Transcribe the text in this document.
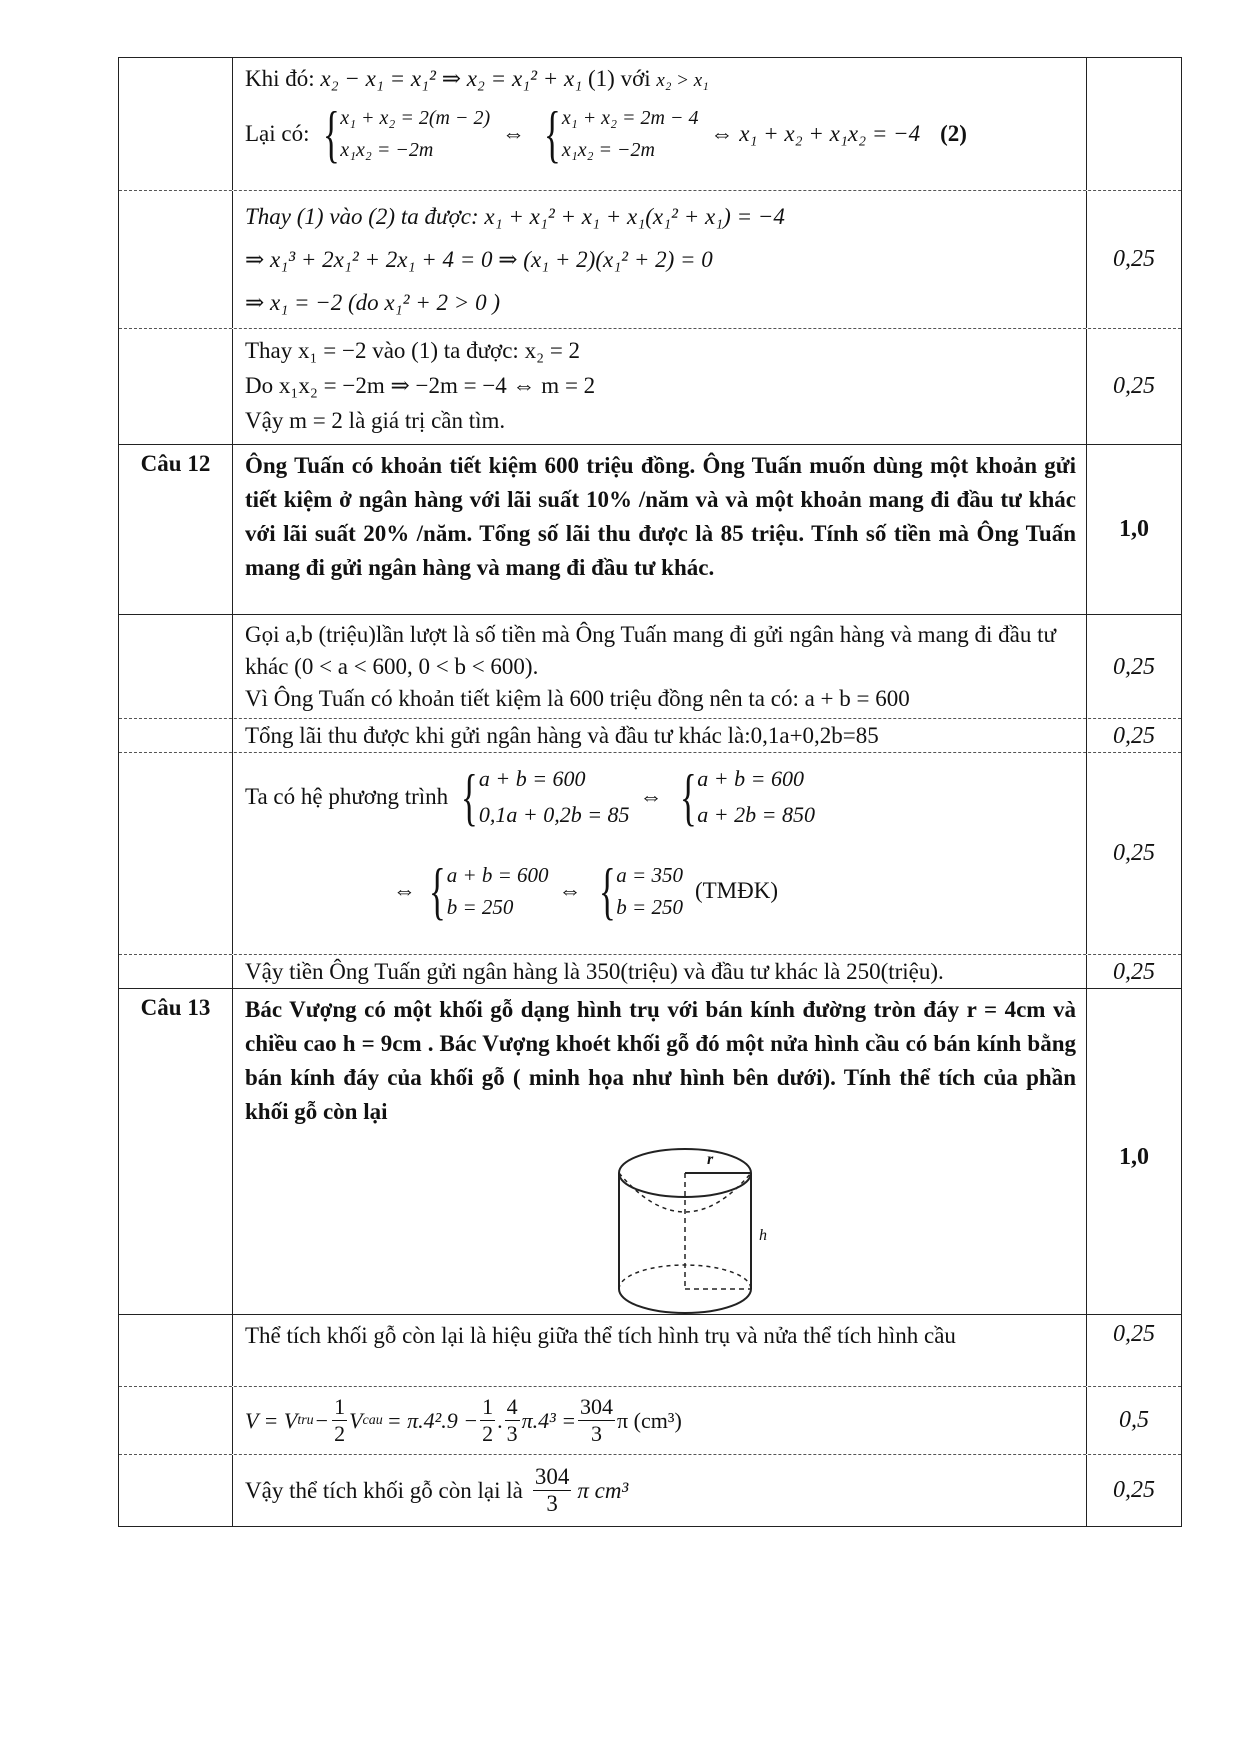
Khi đó: x₂ − x₁ = x₁² ⇒ x₂ = x₁² + x₁ (1) với x₂ > x₁
Lại có: { x₁ + x₂ = 2(m − 2)
x₁x₂ = −2m
⇔ { x₁ + x₂ = 2m − 4
x₁x₂ = −2m
⇔ x₁ + x₂ + x₁x₂ = −4 (2)
Thay (1) vào (2) ta được: x₁ + x₁² + x₁ + x₁(x₁² + x₁) = −4
⇒ x₁³ + 2x₁² + 2x₁ + 4 = 0 ⇒ (x₁ + 2)(x₁² + 2) = 0
⇒ x₁ = −2 (do x₁² + 2 > 0 )
0,25
Thay x₁ = −2 vào (1) ta được: x₂ = 2
Do x₁x₂ = −2m ⇒ −2m = −4 ⇔ m = 2
Vậy m = 2 là giá trị cần tìm.
0,25
Câu 12	Ông Tuấn có khoản tiết kiệm 600 triệu đồng. Ông Tuấn muốn dùng một khoản gửi tiết kiệm ở ngân hàng với lãi suất 10% /năm và và một khoản mang đi đầu tư khác với lãi suất 20% /năm. Tổng số lãi thu được là 85 triệu. Tính số tiền mà Ông Tuấn mang đi gửi ngân hàng và mang đi đầu tư khác.
1,0
Gọi a,b (triệu)lần lượt là số tiền mà Ông Tuấn mang đi gửi ngân hàng và mang đi đầu tư khác (0 < a < 600, 0 < b < 600).
Vì Ông Tuấn có khoản tiết kiệm là 600 triệu đồng nên ta có: a + b = 600
0,25
Tổng lãi thu được khi gửi ngân hàng và đầu tư khác là:0,1a+0,2b=85	0,25
Ta có hệ phương trình { a + b = 600
0,1a + 0,2b = 85
⇔ { a + b = 600
a + 2b = 850
⇔ { a + b = 600
b = 250
⇔ { a = 350
b = 250
(TMĐK)
0,25
Vậy tiền Ông Tuấn gửi ngân hàng là 350(triệu) và đầu tư khác là 250(triệu).	0,25
Câu 13	Bác Vượng có một khối gỗ dạng hình trụ với bán kính đường tròn đáy r = 4cm và chiều cao h = 9cm . Bác Vượng khoét khối gỗ đó một nửa hình cầu có bán kính bằng bán kính đáy của khối gỗ ( minh họa như hình bên dưới). Tính thể tích của phần khối gỗ còn lại
r
h
1,0
Thể tích khối gỗ còn lại là hiệu giữa thể tích hình trụ và nửa thể tích hình cầu	0,25
V = V tru − $\frac{1}{2}$ V cau = $\pi.4^2.9 - \frac{1}{2}$ . $\frac{4}{3} \pi.4^3 = \frac{304}{3}$ π (cm³)	0,5
Vậy thể tích khối gỗ còn lại là $\frac{304}{3}$ π cm³	0,25
